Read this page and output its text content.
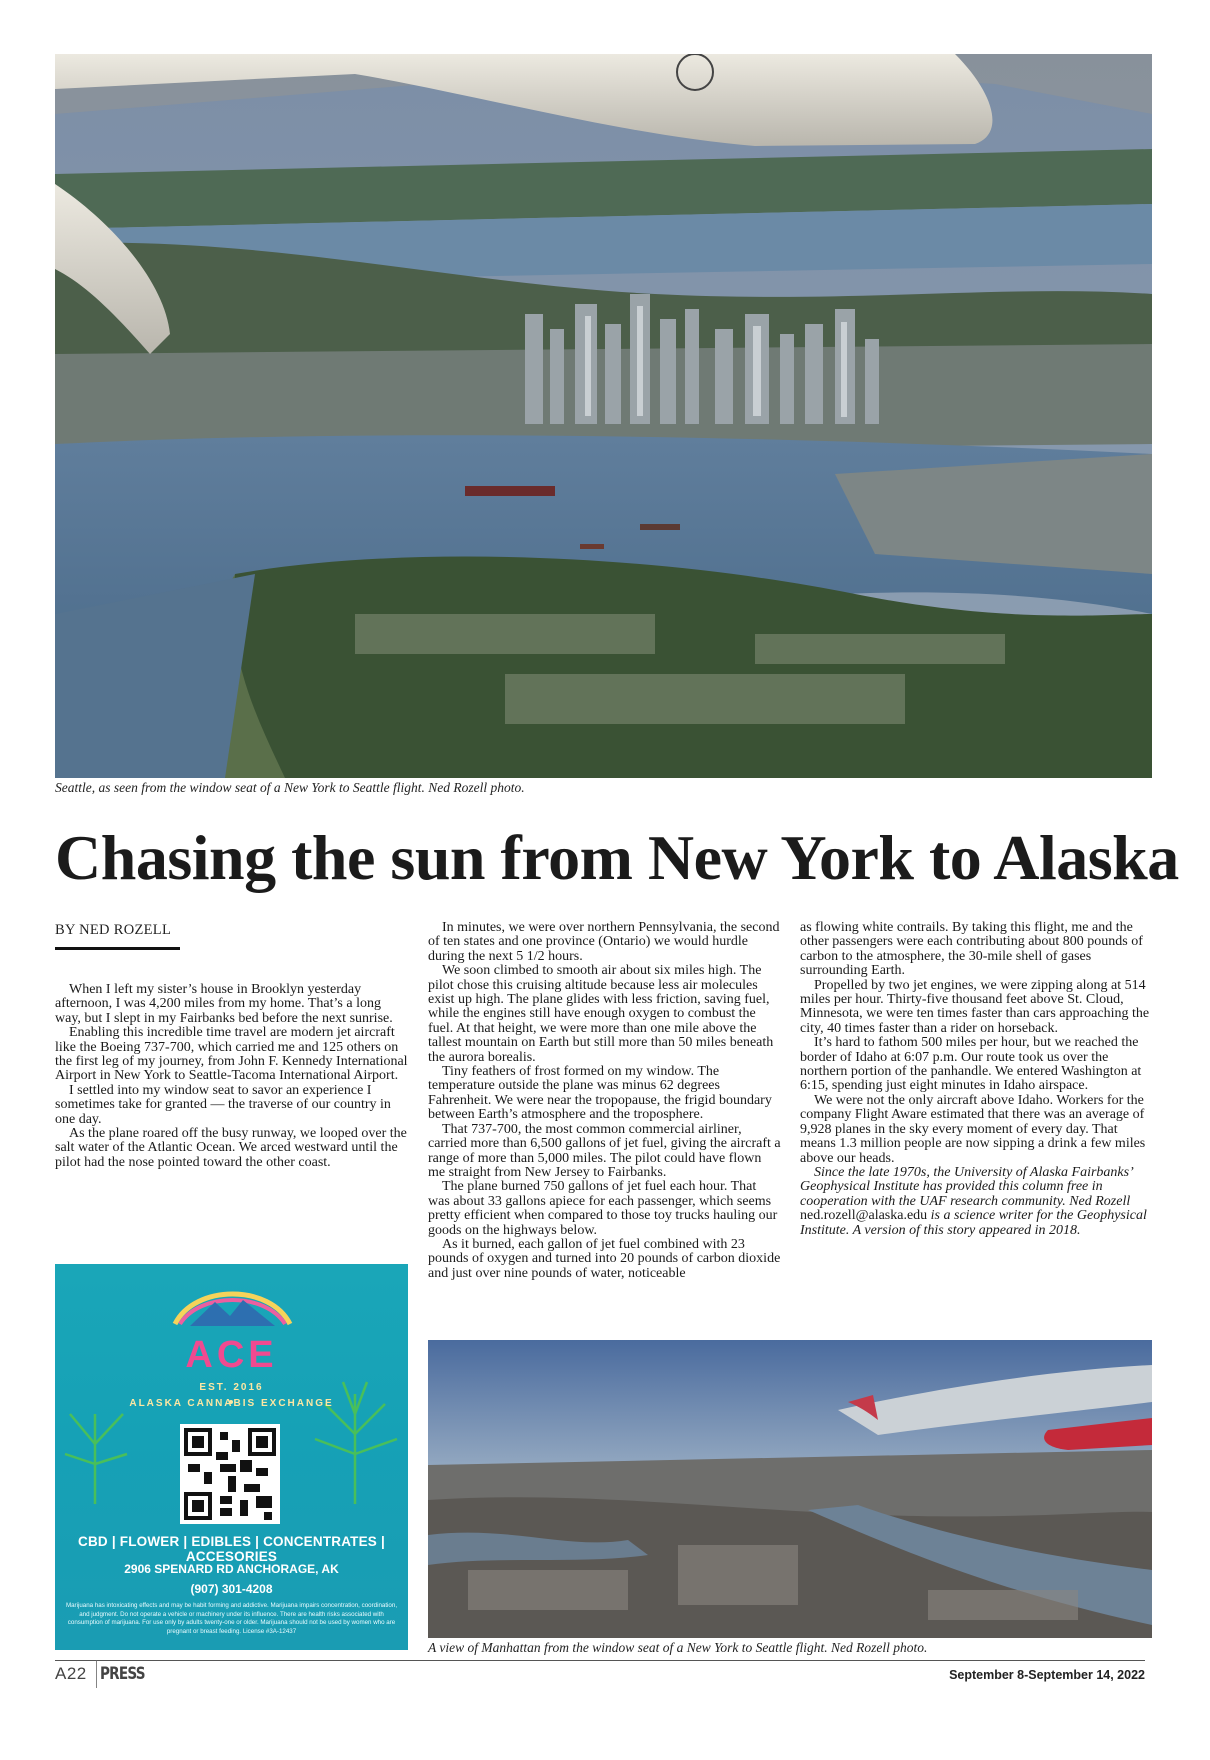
Seattle, as seen from the window seat of a New York to Seattle flight. Ned Rozell photo.
Chasing the sun from New York to Alaska
BY NED ROZELL

When I left my sister’s house in Brooklyn yesterday afternoon, I was 4,200 miles from my home. That’s a long way, but I slept in my Fairbanks bed before the next sunrise.

Enabling this incredible time travel are modern jet aircraft like the Boeing 737-700, which carried me and 125 others on the first leg of my journey, from John F. Kennedy International Airport in New York to Seattle-Tacoma International Airport.

I settled into my window seat to savor an experience I sometimes take for granted — the traverse of our country in one day.

As the plane roared off the busy runway, we looped over the salt water of the Atlantic Ocean. We arced westward until the pilot had the nose pointed toward the other coast.

In minutes, we were over northern Pennsylvania, the second of ten states and one province (Ontario) we would hurdle during the next 5 1/2 hours.

We soon climbed to smooth air about six miles high. The pilot chose this cruising altitude because less air molecules exist up high. The plane glides with less friction, saving fuel, while the engines still have enough oxygen to combust the fuel. At that height, we were more than one mile above the tallest mountain on Earth but still more than 50 miles beneath the aurora borealis.

Tiny feathers of frost formed on my window. The temperature outside the plane was minus 62 degrees Fahrenheit. We were near the tropopause, the frigid boundary between Earth’s atmosphere and the troposphere.

That 737-700, the most common commercial airliner, carried more than 6,500 gallons of jet fuel, giving the aircraft a range of more than 5,000 miles. The pilot could have flown me straight from New Jersey to Fairbanks.

The plane burned 750 gallons of jet fuel each hour. That was about 33 gallons apiece for each passenger, which seems pretty efficient when compared to those toy trucks hauling our goods on the highways below.

As it burned, each gallon of jet fuel combined with 23 pounds of oxygen and turned into 20 pounds of carbon dioxide and just over nine pounds of water, noticeable

as flowing white contrails. By taking this flight, me and the other passengers were each contributing about 800 pounds of carbon to the atmosphere, the 30-mile shell of gases surrounding Earth.

Propelled by two jet engines, we were zipping along at 514 miles per hour. Thirty-five thousand feet above St. Cloud, Minnesota, we were ten times faster than cars approaching the city, 40 times faster than a rider on horseback.

It’s hard to fathom 500 miles per hour, but we reached the border of Idaho at 6:07 p.m. Our route took us over the northern portion of the panhandle. We entered Washington at 6:15, spending just eight minutes in Idaho airspace.

We were not the only aircraft above Idaho. Workers for the company Flight Aware estimated that there was an average of 9,928 planes in the sky every moment of every day. That means 1.3 million people are now sipping a drink a few miles above our heads.

Since the late 1970s, the University of Alaska Fairbanks’ Geophysical Institute has provided this column free in cooperation with the UAF research community. Ned Rozell ned.rozell@alaska.edu is a science writer for the Geophysical Institute. A version of this story appeared in 2018.

A view of Manhattan from the window seat of a New York to Seattle flight. Ned Rozell photo.
ACE
EST. 2016
ALASKA CANNABIS EXCHANGE
CBD | FLOWER | EDIBLES | CONCENTRATES | ACCESORIES
2906 SPENARD RD ANCHORAGE, AK
(907) 301-4208
Marijuana has intoxicating effects and may be habit forming and addictive. Marijuana impairs concentration, coordination, and judgment. Do not operate a vehicle or machinery under its influence. There are health risks associated with consumption of marijuana. For use only by adults twenty-one or older. Marijuana should not be used by women who are pregnant or breast feeding. License #3A-12437
A22 PRESS	September 8-September 14, 2022
